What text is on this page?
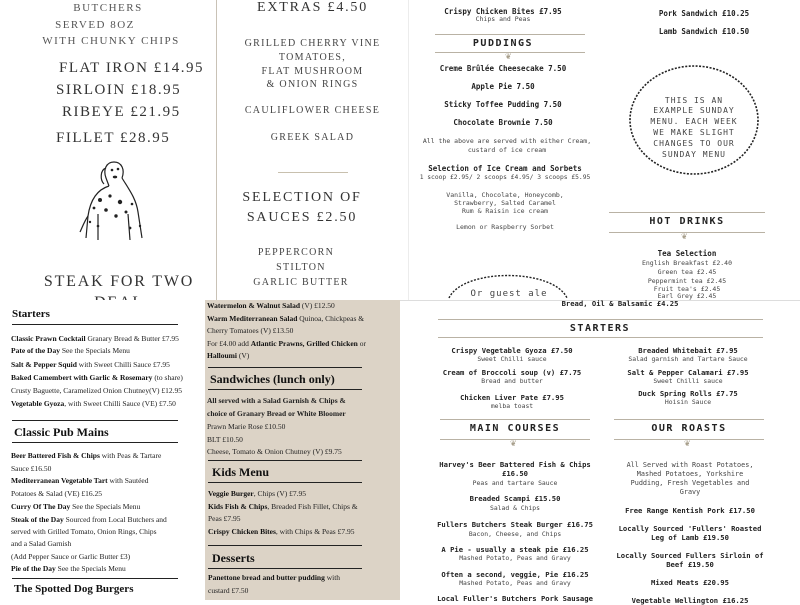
BUTCHERS
SERVED 8OZ
WITH CHUNKY CHIPS
FLAT IRON £14.95
SIRLOIN £18.95
RIBEYE £21.95
FILLET £28.95
STEAK FOR TWO
EXTRAS £4.50
GRILLED CHERRY VINE
TOMATOES,
FLAT MUSHROOM
& ONION RINGS
CAULIFLOWER CHEESE
GREEK SALAD
SELECTION OF
SAUCES £2.50
PEPPERCORN
STILTON
GARLIC BUTTER
Crispy Chicken Bites £7.95
Chips and Peas
PUDDINGS
❦
Creme Brûlée Cheesecake 7.50
Apple Pie 7.50
Sticky Toffee Pudding 7.50
Chocolate Brownie 7.50
All the above are served with either Cream,
custard of ice cream
Selection of Ice Cream and Sorbets
1 scoop £2.95/ 2 scoops £4.95/ 3 scoops £5.95
Vanilla, Chocolate, Honeycomb,
Strawberry, Salted Caramel
Rum & Raisin ice cream
Lemon or Raspberry Sorbet
Or guest ale
Pork Sandwich £10.25
Lamb Sandwich £10.50
THIS IS AN
EXAMPLE SUNDAY
MENU. EACH WEEK
WE MAKE SLIGHT
CHANGES TO OUR
SUNDAY MENU
HOT DRINKS
❦
Tea Selection
English Breakfast £2.40
Green tea £2.45
Peppermint tea £2.45
Fruit tea's £2.45
Earl Grey £2.45
Starters
Classic Prawn Cocktail Granary Bread & Butter £7.95
Pate of the Day See the Specials Menu
Salt & Pepper Squid with Sweet Chilli Sauce £7.95
Baked Camembert with Garlic & Rosemary (to share)
Crusty Baguette, Caramelized Onion Chutney(V) £12.95
Vegetable Gyoza, with Sweet Chilli Sauce (VE) £7.50
Classic Pub Mains
Beer Battered Fish & Chips with Peas & Tartare
Sauce £16.50
Mediterranean Vegetable Tart with Sautéed
Potatoes & Salad (VE) £16.25
Curry Of The Day See the Specials Menu
Steak of the Day Sourced from Local Butchers and
served with Grilled Tomato, Onion Rings, Chips
and a Salad Garnish
(Add Pepper Sauce or Garlic Butter £3)
Pie of the Day See the Specials Menu
The Spotted Dog Burgers
Watermelon & Walnut Salad (V) £12.50
Warm Mediterranean Salad Quinoa, Chickpeas &
Cherry Tomatoes (V) £13.50
For £4.00 add Atlantic Prawns, Grilled Chicken or
Halloumi (V)
Sandwiches (lunch only)
All served with a Salad Garnish & Chips &
choice of Granary Bread or White Bloomer
Prawn Marie Rose £10.50
BLT £10.50
Cheese, Tomato & Onion Chutney (V) £9.75
Kids Menu
Veggie Burger, Chips (V) £7.95
Kids Fish & Chips, Breaded Fish Fillet, Chips &
Peas £7.95
Crispy Chicken Bites, with Chips & Peas £7.95
Desserts
Panettone bread and butter pudding with
custard £7.50
Bread, Oil & Balsamic £4.25
STARTERS
Crispy Vegetable Gyoza £7.50
Sweet Chilli sauce
Cream of Broccoli soup (v) £7.75
Bread and butter
Chicken Liver Pate £7.95
melba toast
Breaded Whitebait £7.95
Salad garnish and Tartare Sauce
Salt & Pepper Calamari £7.95
Sweet Chilli sauce
Duck Spring Rolls £7.75
Hoisin Sauce
MAIN COURSES
❦
Harvey's Beer Battered Fish & Chips
£16.50
Peas and tartare Sauce
Breaded Scampi £15.50
Salad & Chips
Fullers Butchers Steak Burger £16.75
Bacon, Cheese, and Chips
A Pie - usually a steak pie £16.25
Mashed Potato, Peas and Gravy
Often a second, veggie, Pie £16.25
Mashed Potato, Peas and Gravy
Local Fuller's Butchers Pork Sausage
OUR ROASTS
❦
All Served with Roast Potatoes,
Mashed Potatoes, Yorkshire
Pudding, Fresh Vegetables and
Gravy
Free Range Kentish Pork £17.50
Locally Sourced 'Fullers' Roasted
Leg of Lamb £19.50
Locally Sourced Fullers Sirloin of
Beef £19.50
Mixed Meats £20.95
Vegetable Wellington £16.25
